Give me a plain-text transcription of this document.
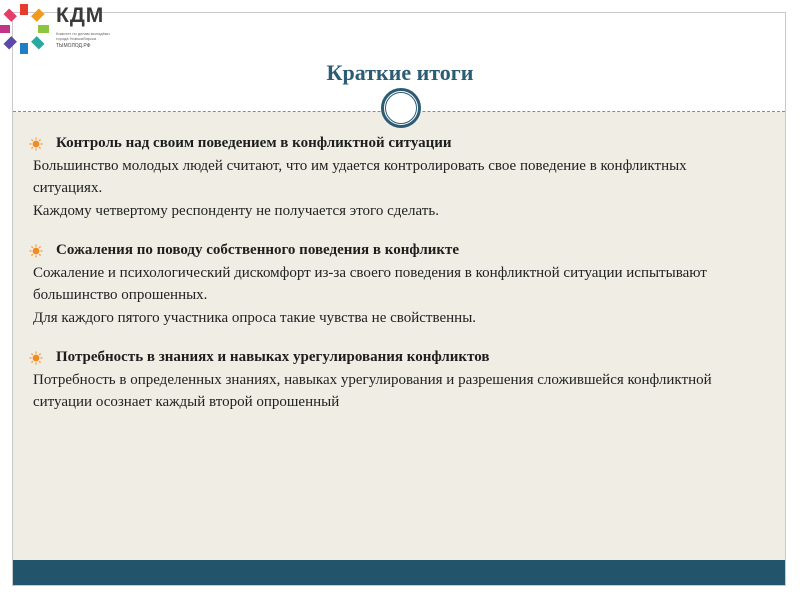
КДМ
Комитет по делам молодёжи города Новосибирска
ТЫМОЛОД.РФ
Краткие итоги
Контроль над своим поведением в конфликтной ситуации
Большинство молодых людей считают, что им удается контролировать свое поведение в конфликтных ситуациях.
Каждому четвертому респонденту не получается этого сделать.
Сожаления по поводу собственного поведения в конфликте
Сожаление и психологический дискомфорт из-за своего поведения в конфликтной ситуации испытывают большинство опрошенных.
Для каждого пятого участника опроса такие чувства не свойственны.
Потребность в знаниях и навыках урегулирования конфликтов
Потребность в определенных знаниях, навыках урегулирования и разрешения сложившейся конфликтной ситуации осознает каждый второй опрошенный
